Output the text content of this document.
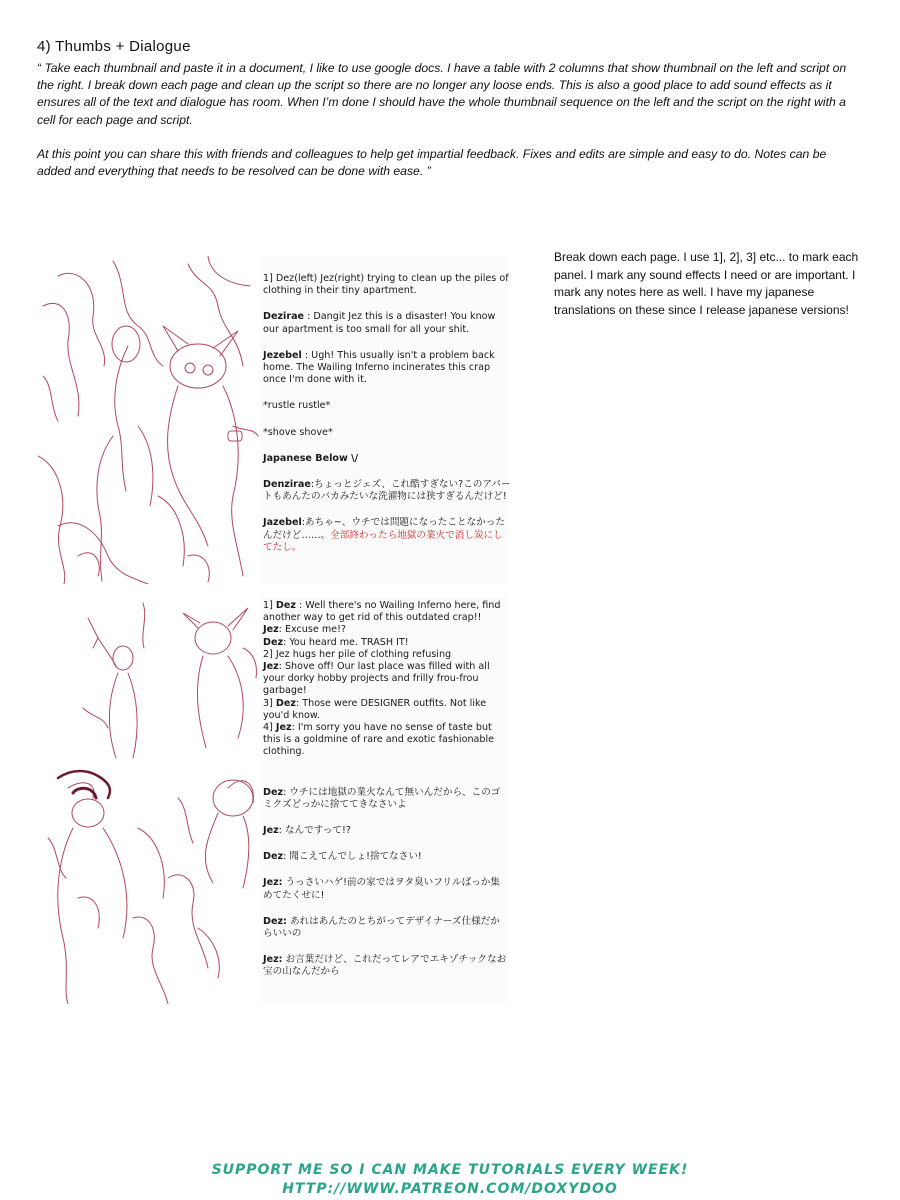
4) Thumbs + Dialogue

“ Take each thumbnail and paste it in a document, I like to use google docs. I have a table with 2 columns that show thumbnail on the left and script on the right. I break down each page and clean up the script so there are no longer any loose ends. This is also a good place to add sound effects as it ensures all of the text and dialogue has room. When I’m done I should have the whole thumbnail sequence on the left and the script on the right with a cell for each page and script.

At this point you can share this with friends and colleagues to help get impartial feedback. Fixes and edits are simple and easy to do. Notes can be added and everything that needs to be resolved can be done with ease. ”

Break down each page. I use 1], 2], 3] etc... to mark each panel. I mark any sound effects I need or are important. I mark any notes here as well. I have my japanese translations on these since I release japanese versions!

1] Dez(left) Jez(right) trying to clean up the piles of clothing in their tiny apartment.

Dezirae : Dangit Jez this is a disaster! You know our apartment is too small for all your shit.

Jezebel : Ugh! This usually isn't a problem back home. The Wailing Inferno incinerates this crap once I'm done with it.

*rustle rustle*

*shove shove*

Japanese Below \/

Denzirae:ちょっとジェズ、これ酷すぎない?このアパートもあんたのバカみたいな洗濯物には狭すぎるんだけど!

Jazebel:あちゃ~、ウチでは問題になったことなかったんだけど……。全部終わったら地獄の業火で消し炭にしてたし。

1] Dez : Well there's no Wailing Inferno here, find another way to get rid of this outdated crap!!

Jez: Excuse me!?

Dez: You heard me. TRASH IT!

2] Jez hugs her pile of clothing refusing

Jez: Shove off! Our last place was filled with all your dorky hobby projects and frilly frou-frou garbage!

3] Dez: Those were DESIGNER outfits. Not like you'd know.

4] Jez: I'm sorry you have no sense of taste but this is a goldmine of rare and exotic fashionable clothing.

Dez: ウチには地獄の業火なんて無いんだから、このゴミクズどっかに捨ててきなさいよ

Jez: なんですって!?

Dez: 聞こえてんでしょ!捨てなさい!

Jez: うっさいハゲ!前の家ではヲタ臭いフリルばっか集めてたくせに!

Dez: あれはあんたのとちがってデザイナーズ仕様だからいいの

Jez: お言葉だけど、これだってレアでエキゾチックなお宝の山なんだから

SUPPORT ME SO I CAN MAKE TUTORIALS EVERY WEEK!
HTTP://WWW.PATREON.COM/DOXYDOO
